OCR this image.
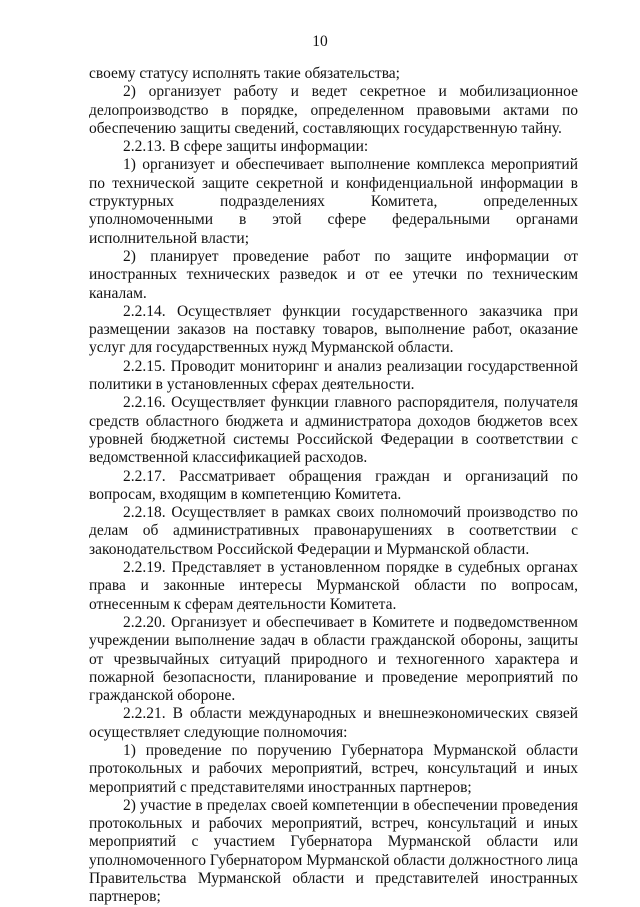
10

своему статусу исполнять такие обязательства;

2) организует работу и ведет секретное и мобилизационное делопроизводство в порядке, определенном правовыми актами по обеспечению защиты сведений, составляющих государственную тайну.

2.2.13. В сфере защиты информации:

1) организует и обеспечивает выполнение комплекса мероприятий по технической защите секретной и конфиденциальной информации в структурных подразделениях Комитета, определенных уполномоченными в этой сфере федеральными органами исполнительной власти;

2) планирует проведение работ по защите информации от иностранных технических разведок и от ее утечки по техническим каналам.

2.2.14. Осуществляет функции государственного заказчика при размещении заказов на поставку товаров, выполнение работ, оказание услуг для государственных нужд Мурманской области.

2.2.15. Проводит мониторинг и анализ реализации государственной политики в установленных сферах деятельности.

2.2.16. Осуществляет функции главного распорядителя, получателя средств областного бюджета и администратора доходов бюджетов всех уровней бюджетной системы Российской Федерации в соответствии с ведомственной классификацией расходов.

2.2.17. Рассматривает обращения граждан и организаций по вопросам, входящим в компетенцию Комитета.

2.2.18. Осуществляет в рамках своих полномочий производство по делам об административных правонарушениях в соответствии с законодательством Российской Федерации и Мурманской области.

2.2.19. Представляет в установленном порядке в судебных органах права и законные интересы Мурманской области по вопросам, отнесенным к сферам деятельности Комитета.

2.2.20. Организует и обеспечивает в Комитете и подведомственном учреждении выполнение задач в области гражданской обороны, защиты от чрезвычайных ситуаций природного и техногенного характера и пожарной безопасности, планирование и проведение мероприятий по гражданской обороне.

2.2.21. В области международных и внешнеэкономических связей осуществляет следующие полномочия:

1) проведение по поручению Губернатора Мурманской области протокольных и рабочих мероприятий, встреч, консультаций и иных мероприятий с представителями иностранных партнеров;

2) участие в пределах своей компетенции в обеспечении проведения протокольных и рабочих мероприятий, встреч, консультаций и иных мероприятий с участием Губернатора Мурманской области или уполномоченного Губернатором Мурманской области должностного лица Правительства Мурманской области и представителей иностранных партнеров;
